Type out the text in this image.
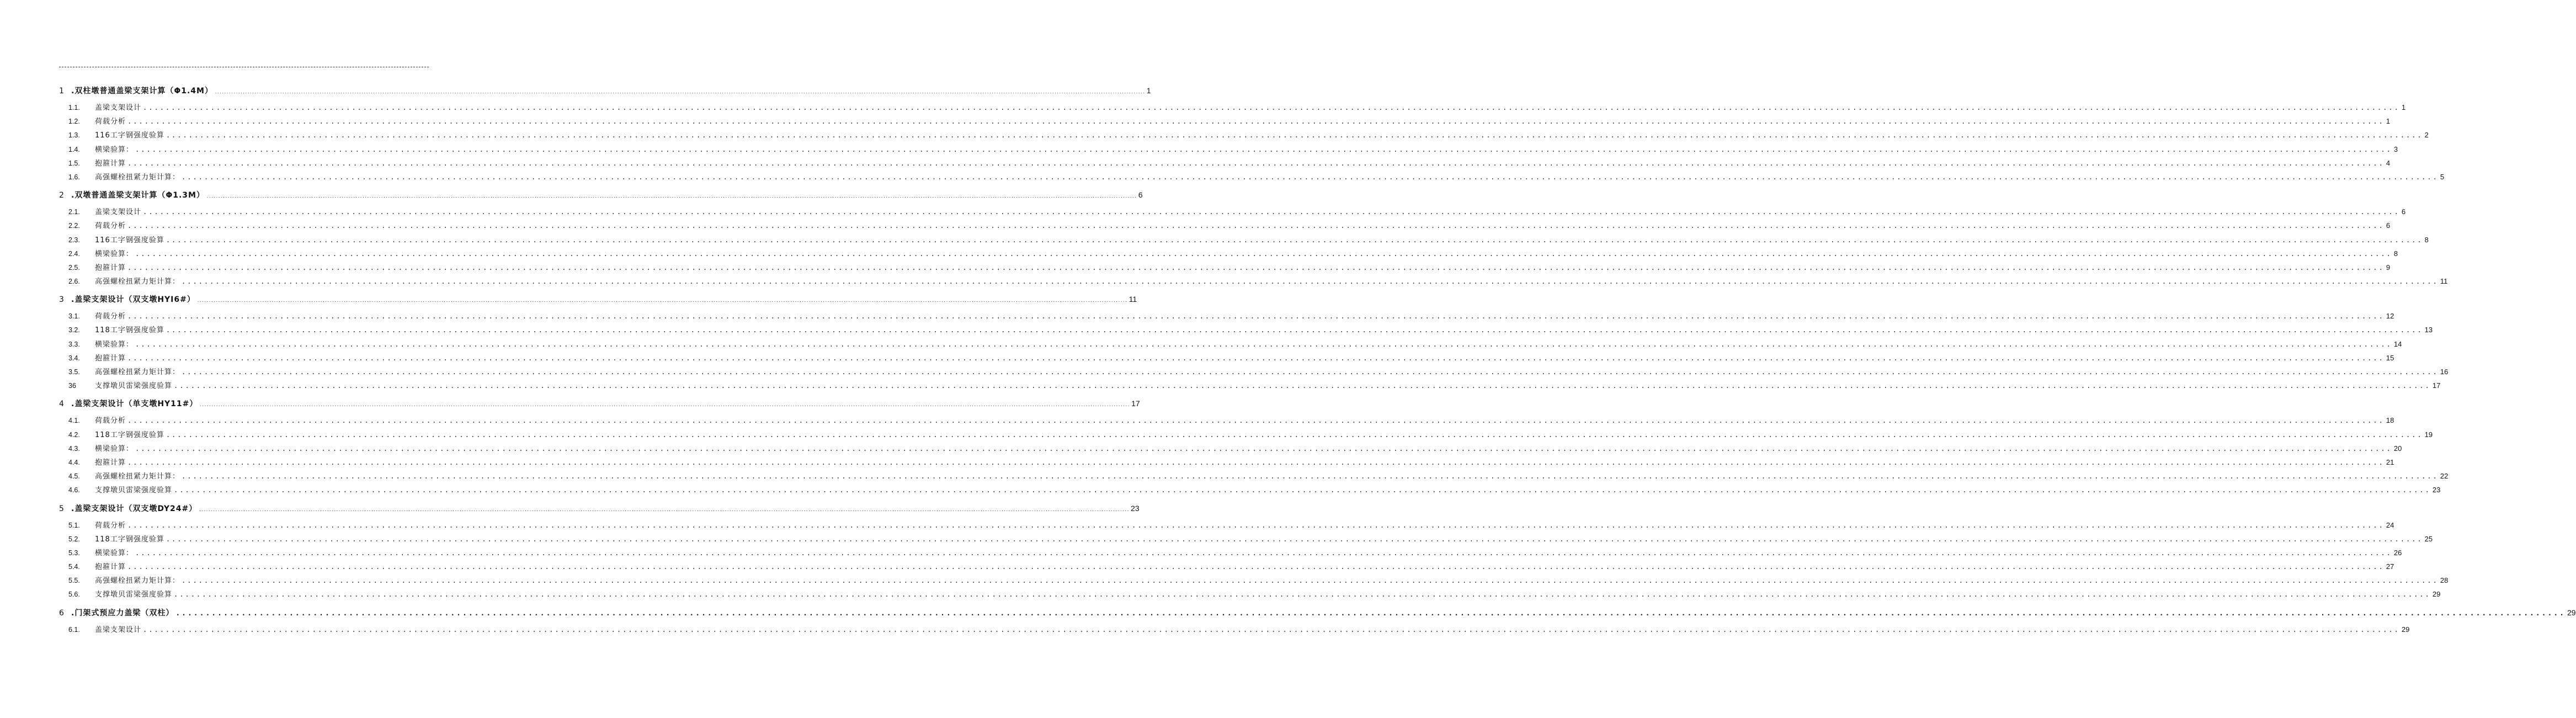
1 .双柱墩普通盖梁支架计算（Φ1.4M） ................................................................................................................................................................................................................................................................................................................................................................................................................ 1
1.1.	盖梁支架设计 ................................................................................................................................................................................................................................................................................................................................................................................................................ 1
1.2.	荷载分析 ................................................................................................................................................................................................................................................................................................................................................................................................................ 1
1.3.	116工字钢强度验算 ................................................................................................................................................................................................................................................................................................................................................................................................................ 2
1.4.	横梁验算： ................................................................................................................................................................................................................................................................................................................................................................................................................ 3
1.5.	抱箍计算 ................................................................................................................................................................................................................................................................................................................................................................................................................ 4
1.6.	高强螺栓扭紧力矩计算： ................................................................................................................................................................................................................................................................................................................................................................................................................ 5
2 .双墩普通盖梁支架计算（Φ1.3M） ................................................................................................................................................................................................................................................................................................................................................................................................................ 6
2.1.	盖梁支架设计 ................................................................................................................................................................................................................................................................................................................................................................................................................ 6
2.2.	荷载分析 ................................................................................................................................................................................................................................................................................................................................................................................................................ 6
2.3.	116工字钢强度验算 ................................................................................................................................................................................................................................................................................................................................................................................................................ 8
2.4.	横梁验算： ................................................................................................................................................................................................................................................................................................................................................................................................................ 8
2.5.	抱箍计算 ................................................................................................................................................................................................................................................................................................................................................................................................................ 9
2.6.	高强螺栓扭紧力矩计算： ................................................................................................................................................................................................................................................................................................................................................................................................................ 11
3 .盖梁支架设计（双支墩HYI6#） ................................................................................................................................................................................................................................................................................................................................................................................................................ 11
3.1.	荷载分析 ................................................................................................................................................................................................................................................................................................................................................................................................................ 12
3.2.	118工字钢强度验算 ................................................................................................................................................................................................................................................................................................................................................................................................................ 13
3.3.	横梁验算： ................................................................................................................................................................................................................................................................................................................................................................................................................ 14
3.4.	抱箍计算 ................................................................................................................................................................................................................................................................................................................................................................................................................ 15
3.5.	高强螺栓扭紧力矩计算： ................................................................................................................................................................................................................................................................................................................................................................................................................ 16
36	支撑墩贝雷梁强度验算 ................................................................................................................................................................................................................................................................................................................................................................................................................ 17
4 .盖梁支架设计（单支墩HY11#） ................................................................................................................................................................................................................................................................................................................................................................................................................ 17
4.1.	荷载分析 ................................................................................................................................................................................................................................................................................................................................................................................................................ 18
4.2.	118工字钢强度验算 ................................................................................................................................................................................................................................................................................................................................................................................................................ 19
4.3.	横梁验算： ................................................................................................................................................................................................................................................................................................................................................................................................................ 20
4.4.	抱箍计算 ................................................................................................................................................................................................................................................................................................................................................................................................................ 21
4.5.	高强螺栓扭紧力矩计算： ................................................................................................................................................................................................................................................................................................................................................................................................................ 22
4.6.	支撑墩贝雷梁强度验算 ................................................................................................................................................................................................................................................................................................................................................................................................................ 23
5 .盖梁支架设计（双支墩DY24#） ................................................................................................................................................................................................................................................................................................................................................................................................................ 23
5.1.	荷载分析 ................................................................................................................................................................................................................................................................................................................................................................................................................ 24
5.2.	118工字钢强度验算 ................................................................................................................................................................................................................................................................................................................................................................................................................ 25
5.3.	横梁验算： ................................................................................................................................................................................................................................................................................................................................................................................................................ 26
5.4.	抱箍计算 ................................................................................................................................................................................................................................................................................................................................................................................................................ 27
5.5.	高强螺栓扭紧力矩计算： ................................................................................................................................................................................................................................................................................................................................................................................................................ 28
5.6.	支撑墩贝雷梁强度验算 ................................................................................................................................................................................................................................................................................................................................................................................................................ 29
6 .门架式预应力盖梁（双柱） ................................................................................................................................................................................................................................................................................................................................................................................................................ 29
6.1.	盖梁支架设计 ................................................................................................................................................................................................................................................................................................................................................................................................................ 29
